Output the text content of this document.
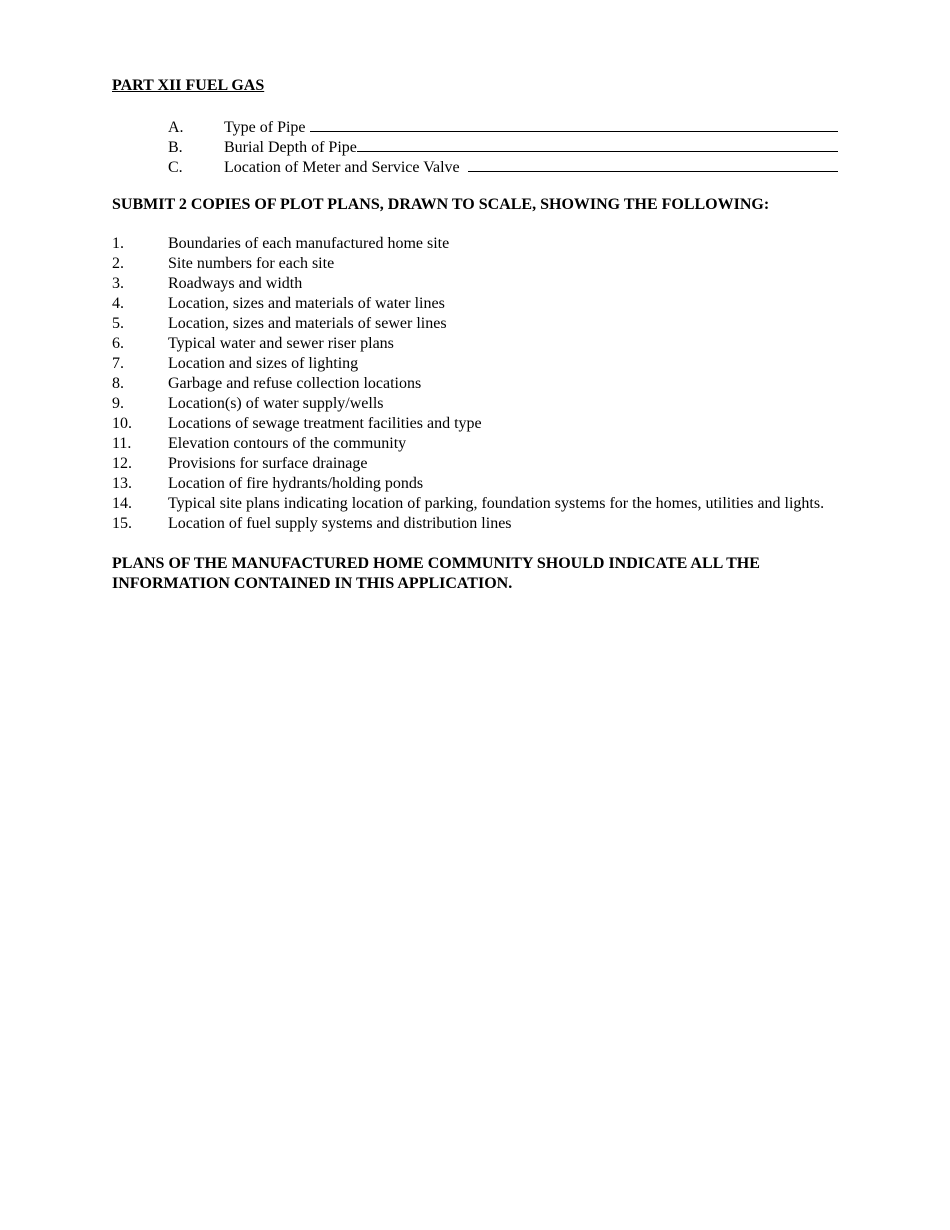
PART XII FUEL GAS
A.	Type of Pipe
B.	Burial Depth of Pipe
C.	Location of Meter and Service Valve
SUBMIT 2 COPIES OF PLOT PLANS, DRAWN TO SCALE, SHOWING THE FOLLOWING:
1.	Boundaries of each manufactured home site
2.	Site numbers for each site
3.	Roadways and width
4.	Location, sizes and materials of water lines
5.	Location, sizes and materials of sewer lines
6.	Typical water and sewer riser plans
7.	Location and sizes of lighting
8.	Garbage and refuse collection locations
9.	Location(s) of water supply/wells
10.	Locations of sewage treatment facilities and type
11.	Elevation contours of the community
12.	Provisions for surface drainage
13.	Location of fire hydrants/holding ponds
14.	Typical site plans indicating location of parking, foundation systems for the homes, utilities and lights.
15.	Location of fuel supply systems and distribution lines

PLANS OF THE MANUFACTURED HOME COMMUNITY SHOULD INDICATE ALL THE INFORMATION CONTAINED IN THIS APPLICATION.
